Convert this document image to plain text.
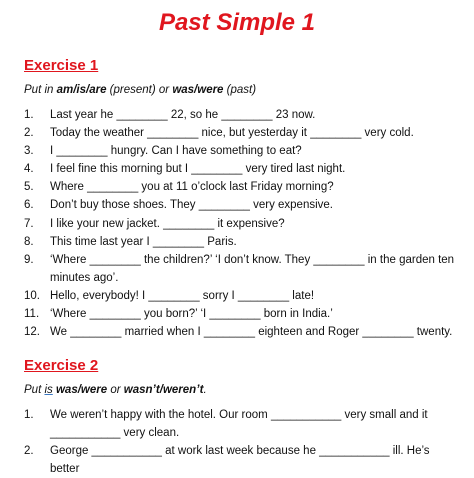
Past Simple 1
Exercise 1
Put in am/is/are (present) or was/were (past)
1. Last year he ________ 22, so he ________ 23 now.
2. Today the weather ________ nice, but yesterday it ________ very cold.
3. I ________ hungry. Can I have something to eat?
4. I feel fine this morning but I ________ very tired last night.
5. Where ________ you at 11 o’clock last Friday morning?
6. Don’t buy those shoes. They ________ very expensive.
7. I like your new jacket. ________ it expensive?
8. This time last year I ________ Paris.
9. ‘Where ________ the children?’ ‘I don’t know. They ________ in the garden ten
minutes ago’.
10. Hello, everybody! I ________ sorry I ________ late!
11. ‘Where ________ you born?’ ‘I ________ born in India.’
12. We ________ married when I ________ eighteen and Roger ________ twenty.
Exercise 2
Put is was/were or wasn’t/weren’t.
1. We weren’t happy with the hotel. Our room ___________ very small and it
___________ very clean.
2. George ___________ at work last week because he ___________ ill. He’s better
